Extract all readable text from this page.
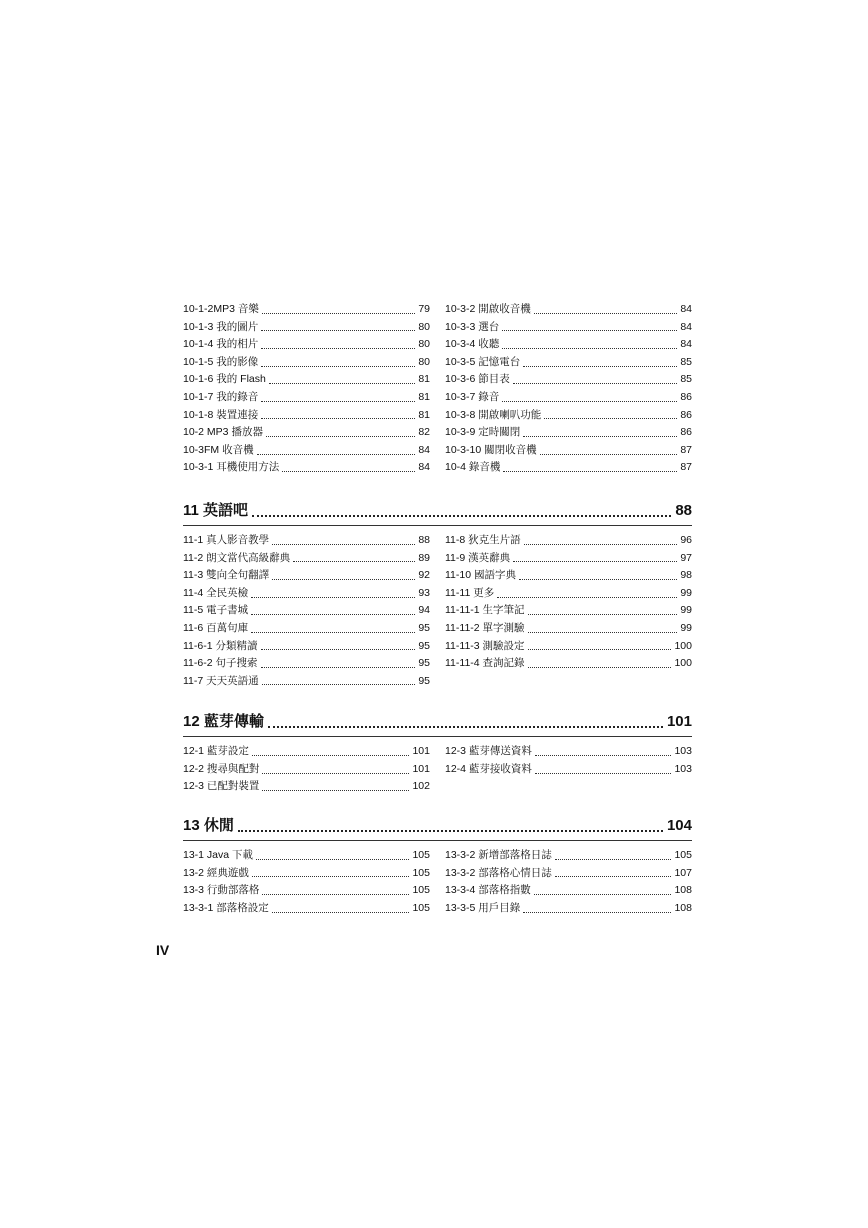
10-1-2MP3 音樂	79
10-1-3 我的圖片	80
10-1-4 我的相片	80
10-1-5 我的影像	80
10-1-6 我的 Flash	81
10-1-7 我的錄音	81
10-1-8 裝置連接	81
10-2 MP3 播放器	82
10-3FM 收音機	84
10-3-1 耳機使用方法	84
10-3-2 開啟收音機	84
10-3-3 選台	84
10-3-4 收聽	84
10-3-5 記憶電台	85
10-3-6 節目表	85
10-3-7 錄音	86
10-3-8 開啟喇叭功能	86
10-3-9 定時關閉	86
10-3-10 關閉收音機	87
10-4 錄音機	87
11 英語吧	88
11-1 真人影音教學	88
11-2 朗文當代高級辭典	89
11-3 雙向全句翻譯	92
11-4 全民英檢	93
11-5 電子書城	94
11-6 百萬句庫	95
11-6-1 分類精讀	95
11-6-2 句子搜索	95
11-7 天天英語通	95
11-8 狄克生片語	96
11-9 漢英辭典	97
11-10 國語字典	98
11-11 更多	99
11-11-1 生字筆記	99
11-11-2 單字測驗	99
11-11-3 測驗設定	100
11-11-4 查詢記錄	100
12 藍芽傳輸	101
12-1 藍芽設定	101
12-2 搜尋與配對	101
12-3 已配對裝置	102
12-3 藍芽傳送資料	103
12-4 藍芽接收資料	103
13 休閒	104
13-1 Java 下載	105
13-2 經典遊戲	105
13-3 行動部落格	105
13-3-1 部落格設定	105
13-3-2 新增部落格日誌	105
13-3-2 部落格心情日誌	107
13-3-4 部落格指數	108
13-3-5 用戶目錄	108
IV
